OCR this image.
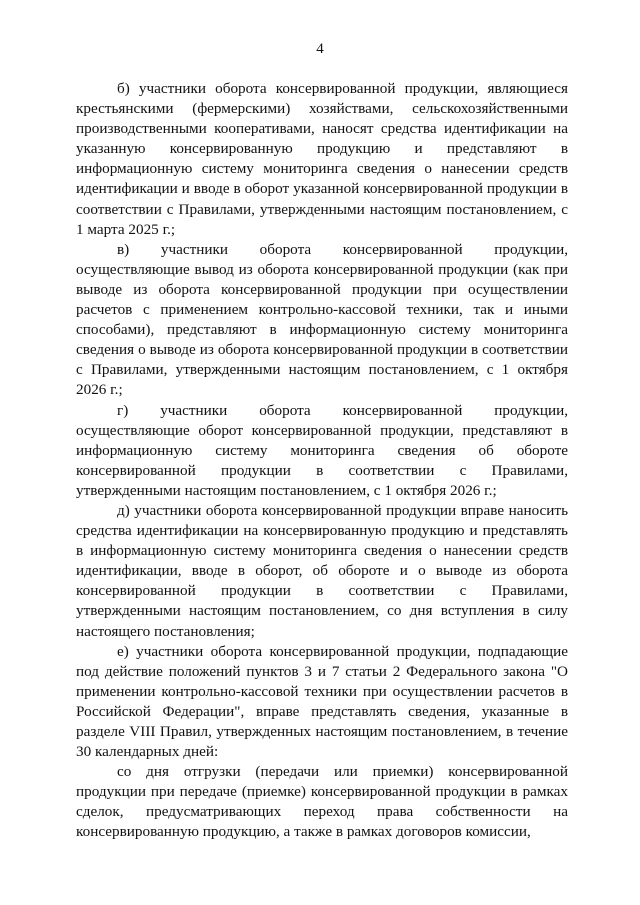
4

б) участники оборота консервированной продукции, являющиеся крестьянскими (фермерскими) хозяйствами, сельскохозяйственными производственными кооперативами, наносят средства идентификации на указанную консервированную продукцию и представляют в информационную систему мониторинга сведения о нанесении средств идентификации и вводе в оборот указанной консервированной продукции в соответствии с Правилами, утвержденными настоящим постановлением, с 1 марта 2025 г.;

в) участники оборота консервированной продукции, осуществляющие вывод из оборота консервированной продукции (как при выводе из оборота консервированной продукции при осуществлении расчетов с применением контрольно-кассовой техники, так и иными способами), представляют в информационную систему мониторинга сведения о выводе из оборота консервированной продукции в соответствии с Правилами, утвержденными настоящим постановлением, с 1 октября 2026 г.;

г) участники оборота консервированной продукции, осуществляющие оборот консервированной продукции, представляют в информационную систему мониторинга сведения об обороте консервированной продукции в соответствии с Правилами, утвержденными настоящим постановлением, с 1 октября 2026 г.;

д) участники оборота консервированной продукции вправе наносить средства идентификации на консервированную продукцию и представлять в информационную систему мониторинга сведения о нанесении средств идентификации, вводе в оборот, об обороте и о выводе из оборота консервированной продукции в соответствии с Правилами, утвержденными настоящим постановлением, со дня вступления в силу настоящего постановления;

е) участники оборота консервированной продукции, подпадающие под действие положений пунктов 3 и 7 статьи 2 Федерального закона "О применении контрольно-кассовой техники при осуществлении расчетов в Российской Федерации", вправе представлять сведения, указанные в разделе VIII Правил, утвержденных настоящим постановлением, в течение 30 календарных дней:

со дня отгрузки (передачи или приемки) консервированной продукции при передаче (приемке) консервированной продукции в рамках сделок, предусматривающих переход права собственности на консервированную продукцию, а также в рамках договоров комиссии,
